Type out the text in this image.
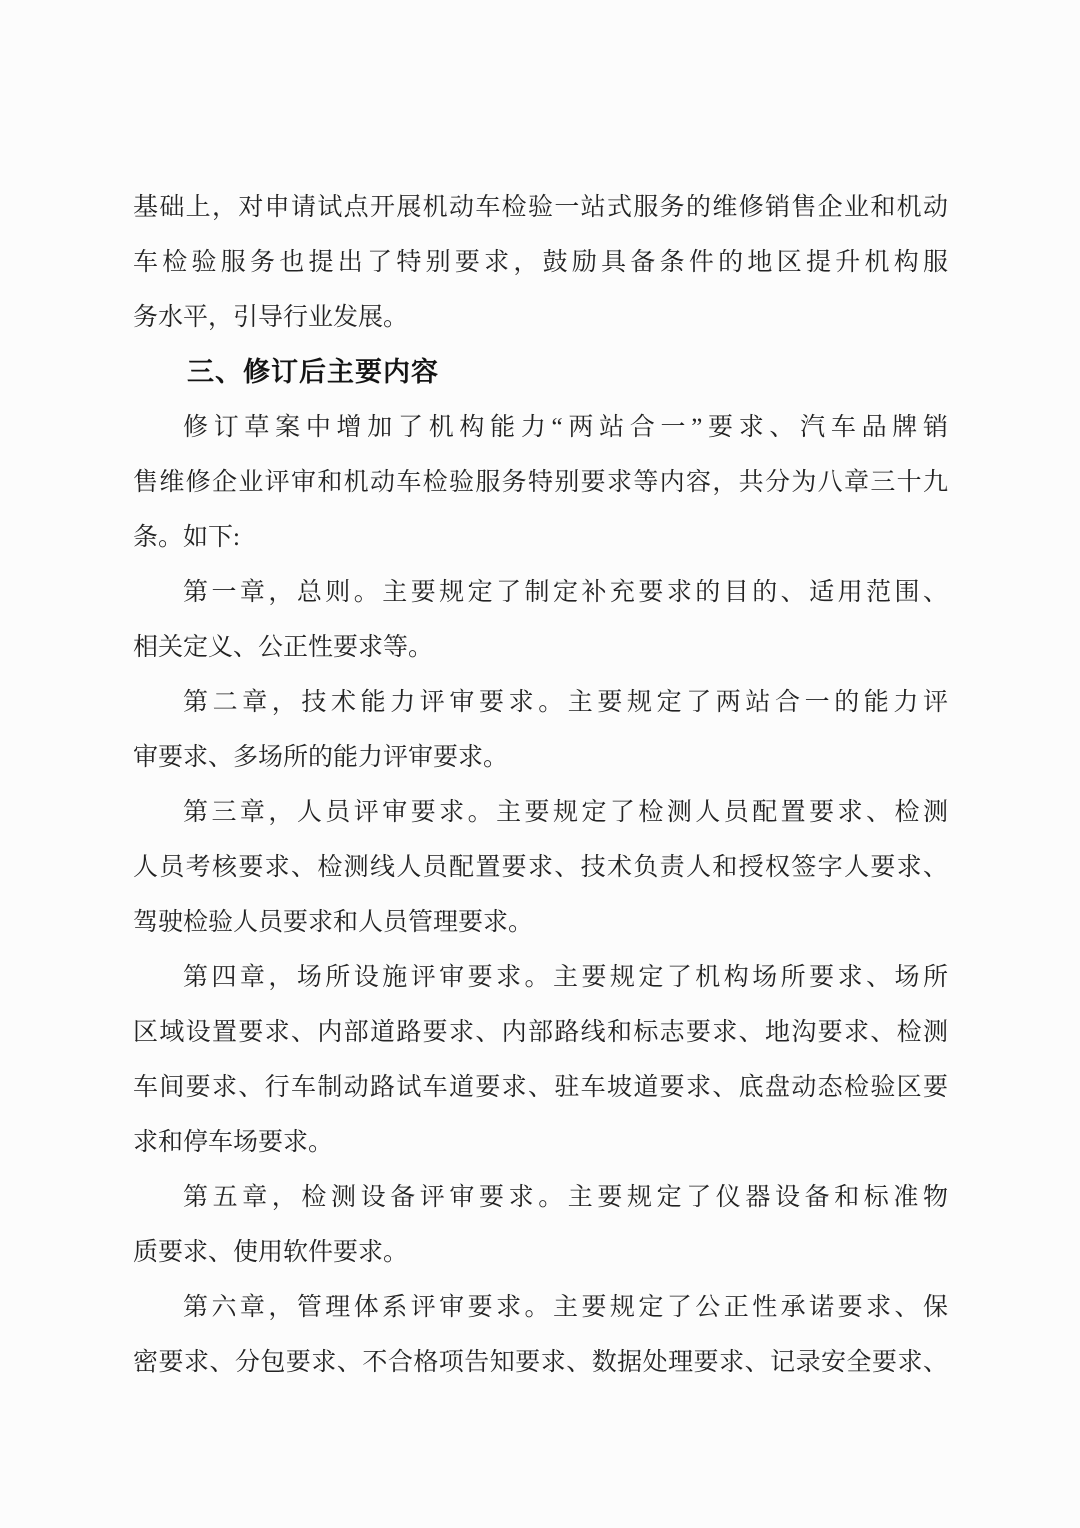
基础上，对申请试点开展机动车检验一站式服务的维修销售企业和机动
车检验服务也提出了特别要求，鼓励具备条件的地区提升机构服
务水平，引导行业发展。
三、修订后主要内容
修订草案中增加了机构能力“两站合一”要求、汽车品牌销
售维修企业评审和机动车检验服务特别要求等内容，共分为八章三十九
条。如下:
第一章，总则。主要规定了制定补充要求的目的、适用范围、
相关定义、公正性要求等。
第二章，技术能力评审要求。主要规定了两站合一的能力评
审要求、多场所的能力评审要求。
第三章，人员评审要求。主要规定了检测人员配置要求、检测
人员考核要求、检测线人员配置要求、技术负责人和授权签字人要求、
驾驶检验人员要求和人员管理要求。
第四章，场所设施评审要求。主要规定了机构场所要求、场所
区域设置要求、内部道路要求、内部路线和标志要求、地沟要求、检测
车间要求、行车制动路试车道要求、驻车坡道要求、底盘动态检验区要
求和停车场要求。
第五章，检测设备评审要求。主要规定了仪器设备和标准物
质要求、使用软件要求。
第六章，管理体系评审要求。主要规定了公正性承诺要求、保
密要求、分包要求、不合格项告知要求、数据处理要求、记录安全要求、
